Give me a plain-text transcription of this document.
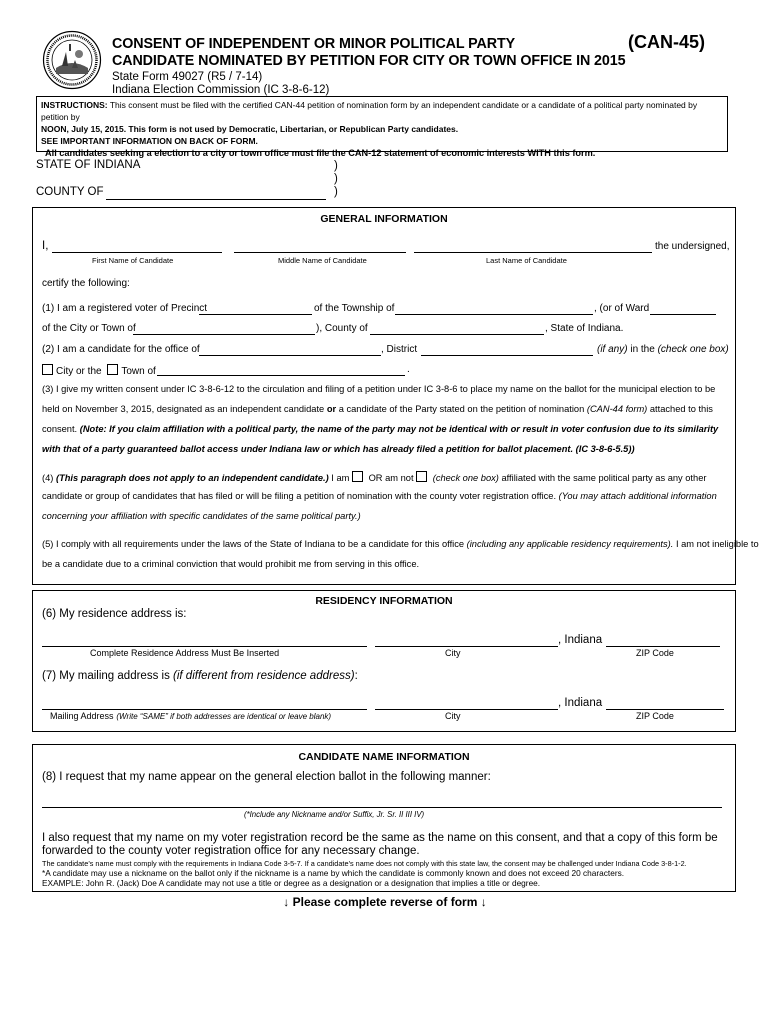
CONSENT OF INDEPENDENT OR MINOR POLITICAL PARTY	(CAN-45)
CANDIDATE NOMINATED BY PETITION FOR CITY OR TOWN OFFICE IN 2015
State Form 49027 (R5 / 7-14)
Indiana Election Commission (IC 3-8-6-12)
INSTRUCTIONS: This consent must be filed with the certified CAN-44 petition of nomination form by an independent candidate or a candidate of a political party nominated by petition by
NOON, July 15, 2015. This form is not used by Democratic, Libertarian, or Republican Party candidates.
SEE IMPORTANT INFORMATION ON BACK OF FORM.
All candidates seeking a election to a city or town office must file the CAN-12 statement of economic interests WITH this form.
STATE OF INDIANA	)
)
COUNTY OF	)
GENERAL INFORMATION
I,	the undersigned,
First Name of Candidate	Middle Name of Candidate	Last Name of Candidate
certify the following:
(1) I am a registered voter of Precinct	of the Township of	, (or of Ward
of the City or Town of	), County of	, State of Indiana.
(2) I am a candidate for the office of	, District	(if any) in the (check one box)
City or the Town of	.
(3) I give my written consent under IC 3-8-6-12 to the circulation and filing of a petition under IC 3-8-6 to place my name on the ballot for the municipal election to be
held on November 3, 2015, designated as an independent candidate or a candidate of the Party stated on the petition of nomination (CAN-44 form) attached to this
consent. (Note: If you claim affiliation with a political party, the name of the party may not be identical with or result in voter confusion due to its similarity
with that of a party guaranteed ballot access under Indiana law or which has already filed a petition for ballot placement. (IC 3-8-6-5.5))
(4) (This paragraph does not apply to an independent candidate.) I am OR am not (check one box) affiliated with the same political party as any other
candidate or group of candidates that has filed or will be filing a petition of nomination with the county voter registration office. (You may attach additional information
concerning your affiliation with specific candidates of the same political party.)
(5) I comply with all requirements under the laws of the State of Indiana to be a candidate for this office (including any applicable residency requirements). I am not ineligible to
be a candidate due to a criminal conviction that would prohibit me from serving in this office.
RESIDENCY INFORMATION
(6) My residence address is:
, Indiana
Complete Residence Address Must Be Inserted	City	ZIP Code
(7) My mailing address is (if different from residence address):
, Indiana
Mailing Address (Write “SAME” if both addresses are identical or leave blank)	City	ZIP Code
CANDIDATE NAME INFORMATION
(8) I request that my name appear on the general election ballot in the following manner:
(*Include any Nickname and/or Suffix, Jr. Sr. II III IV)
I also request that my name on my voter registration record be the same as the name on this consent, and that a copy of this form be
forwarded to the county voter registration office for any necessary change.
The candidate’s name must comply with the requirements in Indiana Code 3-5-7. If a candidate’s name does not comply with this state law, the consent may be challenged under Indiana Code 3-8-1-2.
*A candidate may use a nickname on the ballot only if the nickname is a name by which the candidate is commonly known and does not exceed 20 characters.
EXAMPLE: John R. (Jack) Doe A candidate may not use a title or degree as a designation or a designation that implies a title or degree.
↓ Please complete reverse of form ↓
